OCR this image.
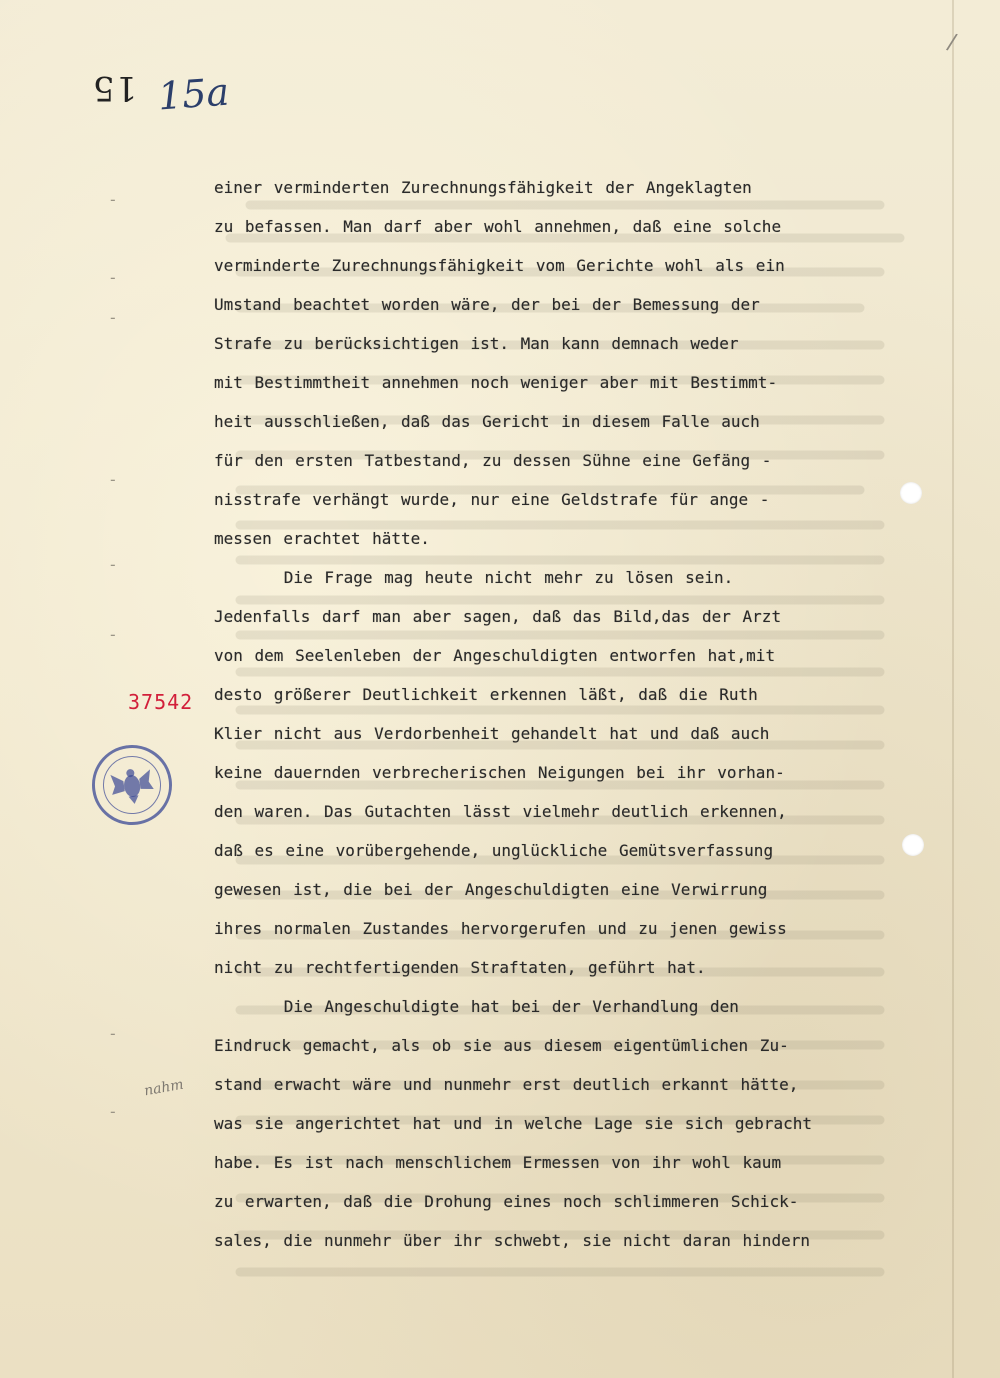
/
15 15a
-
-
-
-
-
-
-
-
nahm
37542
einer verminderten Zurechnungsfähigkeit der Angeklagten
zu befassen. Man darf aber wohl annehmen, daß eine solche
verminderte Zurechnungsfähigkeit vom Gerichte wohl als ein
Umstand beachtet worden wäre, der bei der Bemessung der
Strafe zu berücksichtigen ist. Man kann demnach weder
mit Bestimmtheit annehmen noch weniger aber mit Bestimmt-
heit ausschließen, daß das Gericht in diesem Falle auch
für den ersten Tatbestand, zu dessen Sühne eine Gefäng -
nisstrafe verhängt wurde, nur eine Geldstrafe für ange -
messen erachtet hätte.
Die Frage mag heute nicht mehr zu lösen sein.
Jedenfalls darf man aber sagen, daß das Bild,das der Arzt
von dem Seelenleben der Angeschuldigten entworfen hat,mit
desto größerer Deutlichkeit erkennen läßt, daß die Ruth
Klier nicht aus Verdorbenheit gehandelt hat und daß auch
keine dauernden verbrecherischen Neigungen bei ihr vorhan-
den waren. Das Gutachten lässt vielmehr deutlich erkennen,
daß es eine vorübergehende, unglückliche Gemütsverfassung
gewesen ist, die bei der Angeschuldigten eine Verwirrung
ihres normalen Zustandes hervorgerufen und zu jenen gewiss
nicht zu rechtfertigenden Straftaten, geführt hat.
Die Angeschuldigte hat bei der Verhandlung den
Eindruck gemacht, als ob sie aus diesem eigentümlichen Zu-
stand erwacht wäre und nunmehr erst deutlich erkannt hätte,
was sie angerichtet hat und in welche Lage sie sich gebracht
habe. Es ist nach menschlichem Ermessen von ihr wohl kaum
zu erwarten, daß die Drohung eines noch schlimmeren Schick-
sales, die nunmehr über ihr schwebt, sie nicht daran hindern
